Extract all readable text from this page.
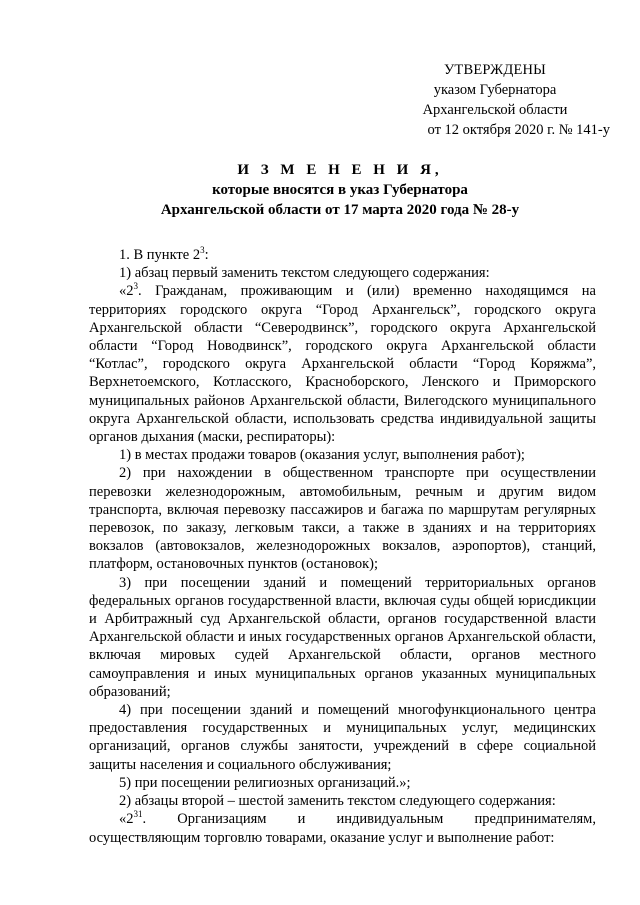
УТВЕРЖДЕНЫ
указом Губернатора
Архангельской области
от 12 октября 2020 г. № 141-у
И З М Е Н Е Н И Я,
которые вносятся в указ Губернатора
Архангельской области от 17 марта 2020 года № 28-у

1. В пункте $2^3$:

1) абзац первый заменить текстом следующего содержания:

«$2^3$. Гражданам, проживающим и (или) временно находящимся на территориях городского округа “Город Архангельск”, городского округа Архангельской области “Северодвинск”, городского округа Архангельской области “Город Новодвинск”, городского округа Архангельской области “Котлас”, городского округа Архангельской области “Город Коряжма”, Верхнетоемского, Котласского, Красноборского, Ленского и Приморского муниципальных районов Архангельской области, Вилегодского муниципального округа Архангельской области, использовать средства индивидуальной защиты органов дыхания (маски, респираторы):

1) в местах продажи товаров (оказания услуг, выполнения работ);

2) при нахождении в общественном транспорте при осуществлении перевозки железнодорожным, автомобильным, речным и другим видом транспорта, включая перевозку пассажиров и багажа по маршрутам регулярных перевозок, по заказу, легковым такси, а также в зданиях и на территориях вокзалов (автовокзалов, железнодорожных вокзалов, аэропортов), станций, платформ, остановочных пунктов (остановок);

3) при посещении зданий и помещений территориальных органов федеральных органов государственной власти, включая суды общей юрисдикции и Арбитражный суд Архангельской области, органов государственной власти Архангельской области и иных государственных органов Архангельской области, включая мировых судей Архангельской области, органов местного самоуправления и иных муниципальных органов указанных муниципальных образований;

4) при посещении зданий и помещений многофункционального центра предоставления государственных и муниципальных услуг, медицинских организаций, органов службы занятости, учреждений в сфере социальной защиты населения и социального обслуживания;

5) при посещении религиозных организаций.»;

2) абзацы второй – шестой заменить текстом следующего содержания:

«$2^{31}$. Организациям и индивидуальным предпринимателям, осуществляющим торговлю товарами, оказание услуг и выполнение работ:
